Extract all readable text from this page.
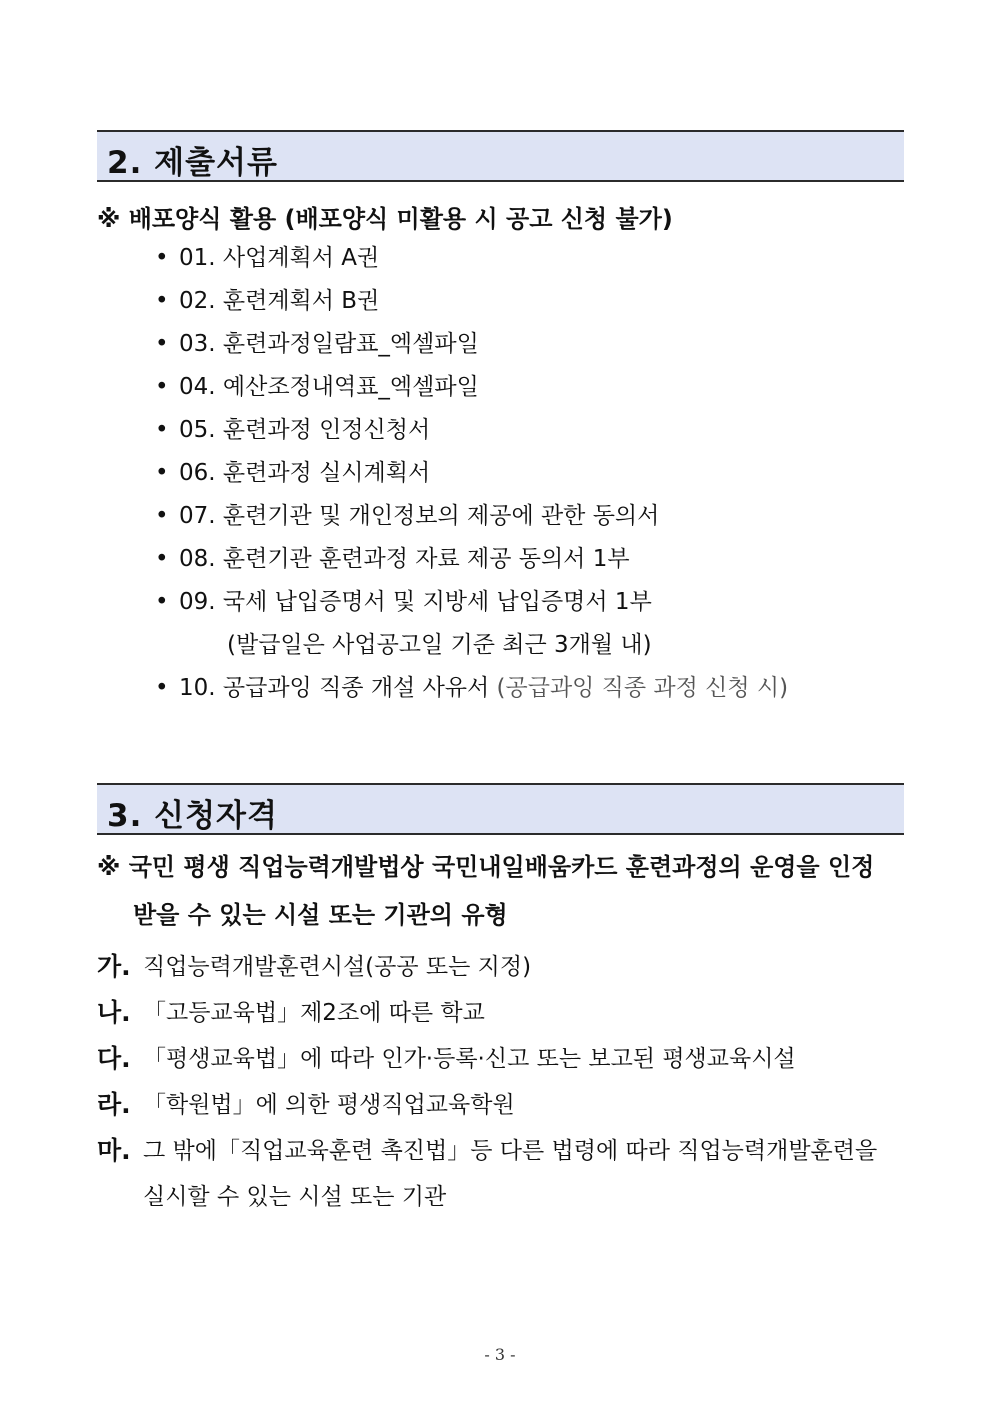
2. 제출서류
※ 배포양식 활용 (배포양식 미활용 시 공고 신청 불가)
• 01. 사업계획서 A권
• 02. 훈련계획서 B권
• 03. 훈련과정일람표_엑셀파일
• 04. 예산조정내역표_엑셀파일
• 05. 훈련과정 인정신청서
• 06. 훈련과정 실시계획서
• 07. 훈련기관 및 개인정보의 제공에 관한 동의서
• 08. 훈련기관 훈련과정 자료 제공 동의서 1부
• 09. 국세 납입증명서 및 지방세 납입증명서 1부
(발급일은 사업공고일 기준 최근 3개월 내)
• 10. 공급과잉 직종 개설 사유서 (공급과잉 직종 과정 신청 시)
3. 신청자격
※ 국민 평생 직업능력개발법상 국민내일배움카드 훈련과정의 운영을 인정
받을 수 있는 시설 또는 기관의 유형
가. 직업능력개발훈련시설(공공 또는 지정)
나. 「고등교육법」제2조에 따른 학교
다. 「평생교육법」에 따라 인가·등록·신고 또는 보고된 평생교육시설
라. 「학원법」에 의한 평생직업교육학원
마. 그 밖에「직업교육훈련 촉진법」등 다른 법령에 따라 직업능력개발훈련을
실시할 수 있는 시설 또는 기관
- 3 -
